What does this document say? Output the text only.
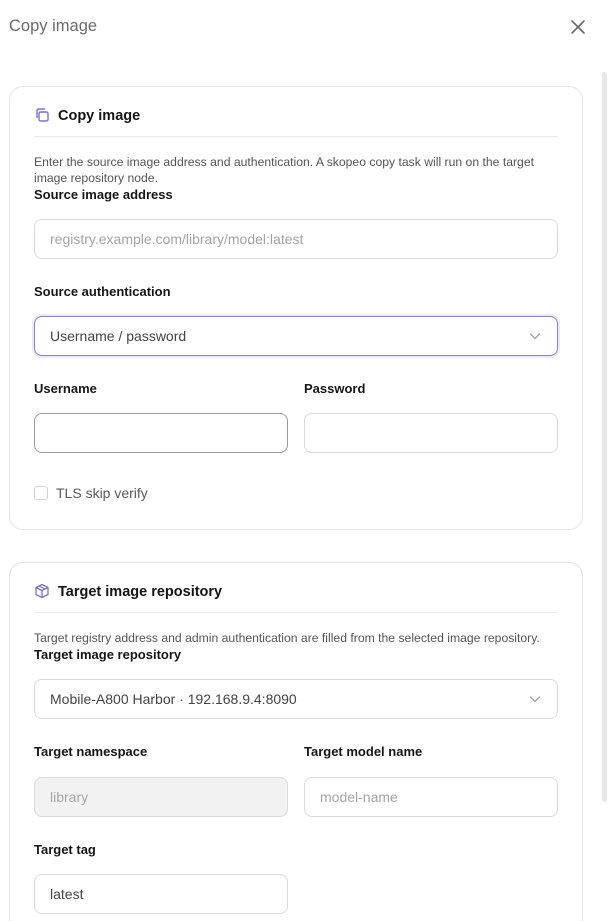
Copy image
Copy image
Enter the source image address and authentication. A skopeo copy task will run on the target image repository node.
Source image address
registry.example.com/library/model:latest
Source authentication
Username / password
Username	Password
TLS skip verify
Target image repository
Target registry address and admin authentication are filled from the selected image repository.
Target image repository
Mobile-A800 Harbor · 192.168.9.4:8090
Target namespace	Target model name
library	model-name
Target tag
latest
